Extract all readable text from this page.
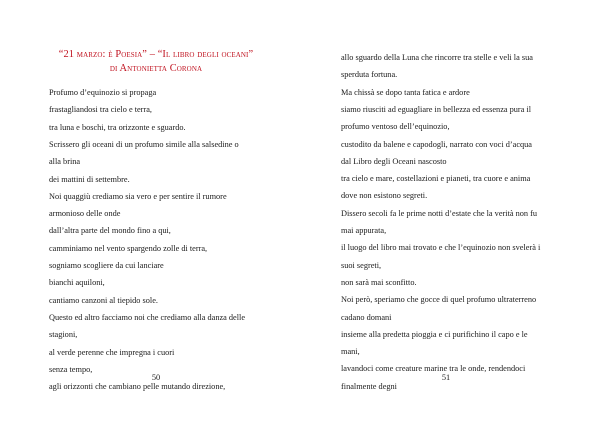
“21 marzo: è Poesia” – “Il libro degli oceani”
di Antonietta Corona
Profumo d’equinozio si propaga
frastagliandosi tra cielo e terra,
tra luna e boschi, tra orizzonte e sguardo.
Scrissero gli oceani di un profumo simile alla salsedine o
alla brina
dei mattini di settembre.
Noi quaggiù crediamo sia vero e per sentire il rumore
armonioso delle onde
dall’altra parte del mondo fino a qui,
camminiamo nel vento spargendo zolle di terra,
sogniamo scogliere da cui lanciare
bianchi aquiloni,
cantiamo canzoni al tiepido sole.
Questo ed altro facciamo noi che crediamo alla danza delle
stagioni,
al verde perenne che impregna i cuori
senza tempo,
agli orizzonti che cambiano pelle mutando direzione,
50
allo sguardo della Luna che rincorre tra stelle e veli la sua
sperduta fortuna.
Ma chissà se dopo tanta fatica e ardore
siamo riusciti ad eguagliare in bellezza ed essenza pura il
profumo ventoso dell’equinozio,
custodito da balene e capodogli, narrato con voci d’acqua
dal Libro degli Oceani nascosto
tra cielo e mare, costellazioni e pianeti, tra cuore e anima
dove non esistono segreti.
Dissero secoli fa le prime notti d’estate che la verità non fu
mai appurata,
il luogo del libro mai trovato e che l’equinozio non svelerà i
suoi segreti,
non sarà mai sconfitto.
Noi però, speriamo che gocce di quel profumo ultraterreno
cadano domani
insieme alla predetta pioggia e ci purifichino il capo e le
mani,
lavandoci come creature marine tra le onde, rendendoci
finalmente degni
51
